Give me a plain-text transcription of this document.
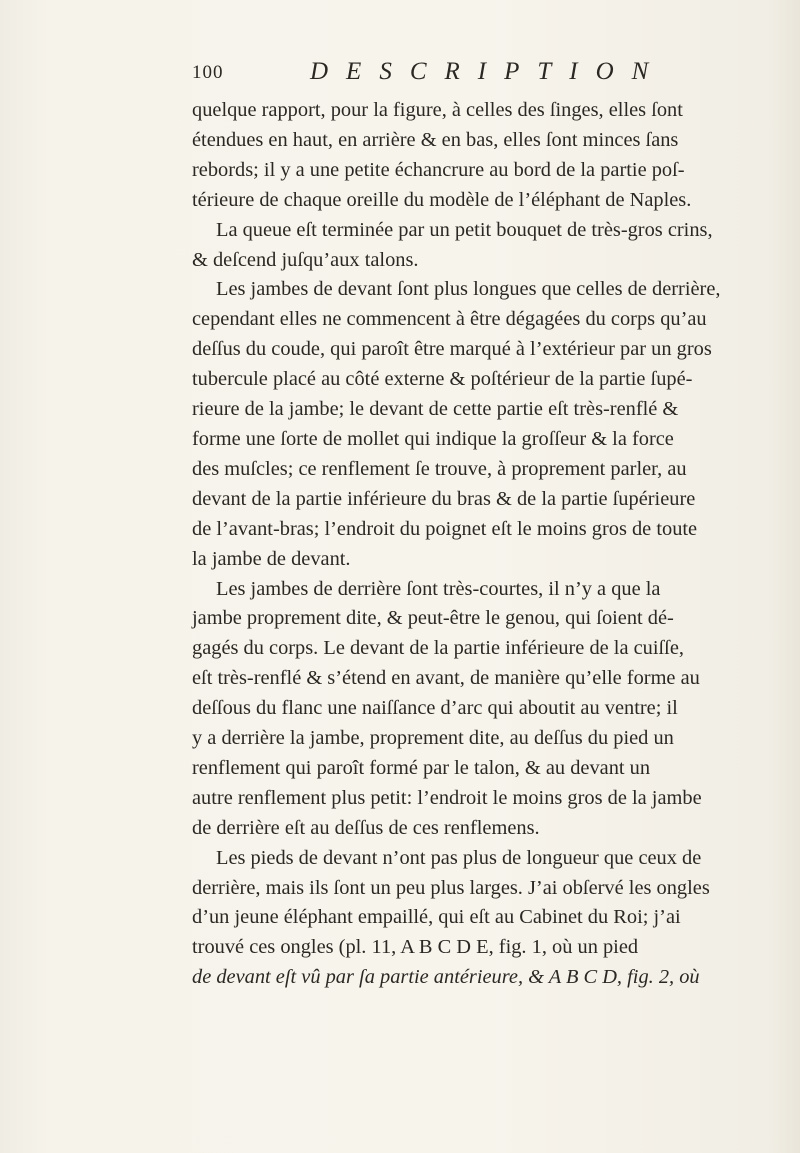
100	DESCRIPTION

quelque rapport, pour la figure, à celles des ſinges, elles ſont
étendues en haut, en arrière & en bas, elles ſont minces ſans
rebords; il y a une petite échancrure au bord de la partie poſ-
térieure de chaque oreille du modèle de l’éléphant de Naples.

La queue eſt terminée par un petit bouquet de très-gros crins,
& deſcend juſqu’aux talons.

Les jambes de devant ſont plus longues que celles de derrière,
cependant elles ne commencent à être dégagées du corps qu’au
deſſus du coude, qui paroît être marqué à l’extérieur par un gros
tubercule placé au côté externe & poſtérieur de la partie ſupé-
rieure de la jambe; le devant de cette partie eſt très-renflé &
forme une ſorte de mollet qui indique la groſſeur & la force
des muſcles; ce renflement ſe trouve, à proprement parler, au
devant de la partie inférieure du bras & de la partie ſupérieure
de l’avant-bras; l’endroit du poignet eſt le moins gros de toute
la jambe de devant.

Les jambes de derrière ſont très-courtes, il n’y a que la
jambe proprement dite, & peut-être le genou, qui ſoient dé-
gagés du corps. Le devant de la partie inférieure de la cuiſſe,
eſt très-renflé & s’étend en avant, de manière qu’elle forme au
deſſous du flanc une naiſſance d’arc qui aboutit au ventre; il
y a derrière la jambe, proprement dite, au deſſus du pied un
renflement qui paroît formé par le talon, & au devant un
autre renflement plus petit: l’endroit le moins gros de la jambe
de derrière eſt au deſſus de ces renflemens.

Les pieds de devant n’ont pas plus de longueur que ceux de
derrière, mais ils ſont un peu plus larges. J’ai obſervé les ongles
d’un jeune éléphant empaillé, qui eſt au Cabinet du Roi; j’ai
trouvé ces ongles (pl. 11, A B C D E, fig. 1, où un pied
de devant eſt vû par ſa partie antérieure, & A B C D, fig. 2, où
